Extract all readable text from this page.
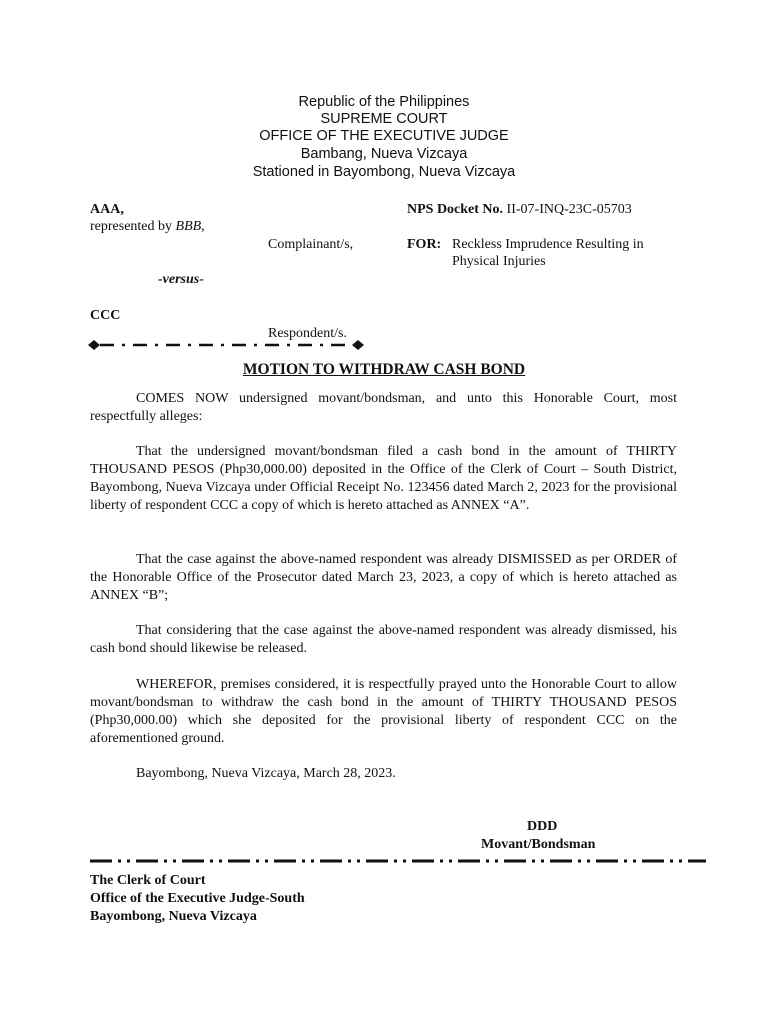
Republic of the Philippines
SUPREME COURT
OFFICE OF THE EXECUTIVE JUDGE
Bambang, Nueva Vizcaya
Stationed in Bayombong, Nueva Vizcaya
AAA,
represented by BBB,
Complainant/s,
-versus-
CCC
Respondent/s.
NPS Docket No. II-07-INQ-23C-05703
FOR: Reckless Imprudence Resulting in
Physical Injuries
MOTION TO WITHDRAW CASH BOND
COMES NOW undersigned movant/bondsman, and unto this Honorable Court, most respectfully alleges:
That the undersigned movant/bondsman filed a cash bond in the amount of THIRTY THOUSAND PESOS (Php30,000.00) deposited in the Office of the Clerk of Court – South District, Bayombong, Nueva Vizcaya under Official Receipt No. 123456 dated March 2, 2023 for the provisional liberty of respondent CCC a copy of which is hereto attached as ANNEX “A”.
That the case against the above-named respondent was already DISMISSED as per ORDER of the Honorable Office of the Prosecutor dated March 23, 2023, a copy of which is hereto attached as ANNEX “B”;
That considering that the case against the above-named respondent was already dismissed, his cash bond should likewise be released.
WHEREFOR, premises considered, it is respectfully prayed unto the Honorable Court to allow movant/bondsman to withdraw the cash bond in the amount of THIRTY THOUSAND PESOS (Php30,000.00) which she deposited for the provisional liberty of respondent CCC on the aforementioned ground.
Bayombong, Nueva Vizcaya, March 28, 2023.
DDD
Movant/Bondsman
The Clerk of Court
Office of the Executive Judge-South
Bayombong, Nueva Vizcaya
